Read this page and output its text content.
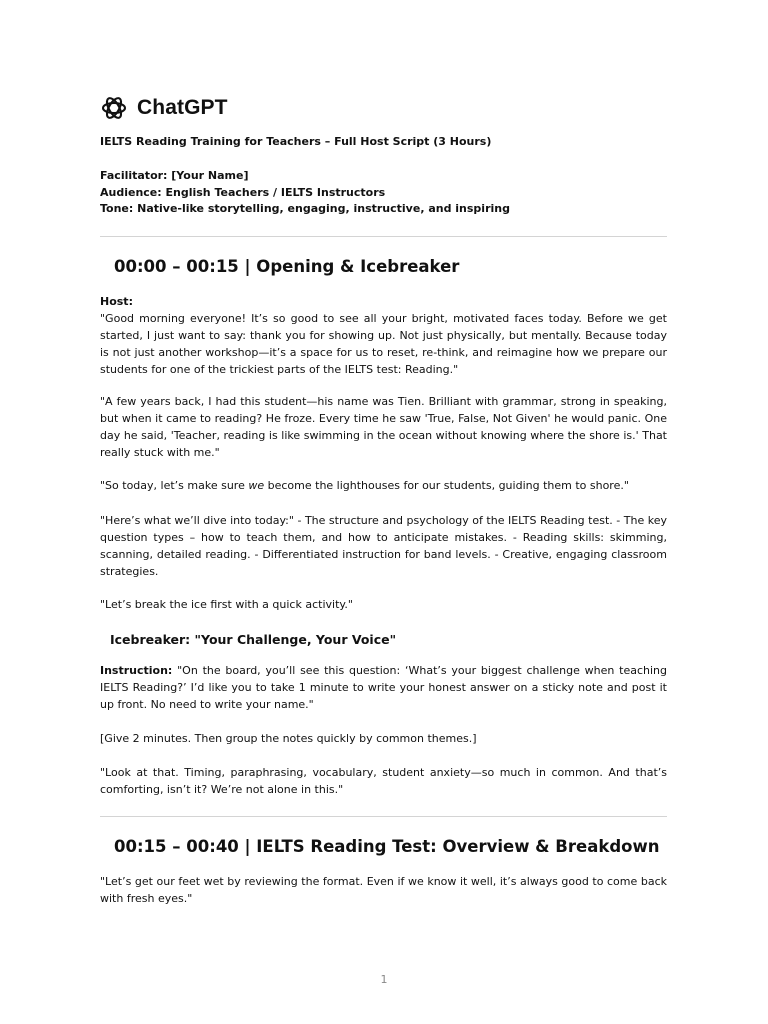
ChatGPT
IELTS Reading Training for Teachers – Full Host Script (3 Hours)
Facilitator: [Your Name]
Audience: English Teachers / IELTS Instructors
Tone: Native-like storytelling, engaging, instructive, and inspiring
00:00 – 00:15 | Opening & Icebreaker
Host:
"Good morning everyone! It’s so good to see all your bright, motivated faces today. Before we get started, I just want to say: thank you for showing up. Not just physically, but mentally. Because today is not just another workshop—it’s a space for us to reset, re-think, and reimagine how we prepare our students for one of the trickiest parts of the IELTS test: Reading."
"A few years back, I had this student—his name was Tien. Brilliant with grammar, strong in speaking, but when it came to reading? He froze. Every time he saw 'True, False, Not Given' he would panic. One day he said, 'Teacher, reading is like swimming in the ocean without knowing where the shore is.' That really stuck with me."
"So today, let’s make sure we become the lighthouses for our students, guiding them to shore."
"Here’s what we’ll dive into today:" - The structure and psychology of the IELTS Reading test. - The key question types – how to teach them, and how to anticipate mistakes. - Reading skills: skimming, scanning, detailed reading. - Differentiated instruction for band levels. - Creative, engaging classroom strategies.
"Let’s break the ice first with a quick activity."
Icebreaker: "Your Challenge, Your Voice"
Instruction: "On the board, you’ll see this question: ‘What’s your biggest challenge when teaching IELTS Reading?’ I’d like you to take 1 minute to write your honest answer on a sticky note and post it up front. No need to write your name."
[Give 2 minutes. Then group the notes quickly by common themes.]
"Look at that. Timing, paraphrasing, vocabulary, student anxiety—so much in common. And that’s comforting, isn’t it? We’re not alone in this."
00:15 – 00:40 | IELTS Reading Test: Overview & Breakdown
"Let’s get our feet wet by reviewing the format. Even if we know it well, it’s always good to come back with fresh eyes."
1
